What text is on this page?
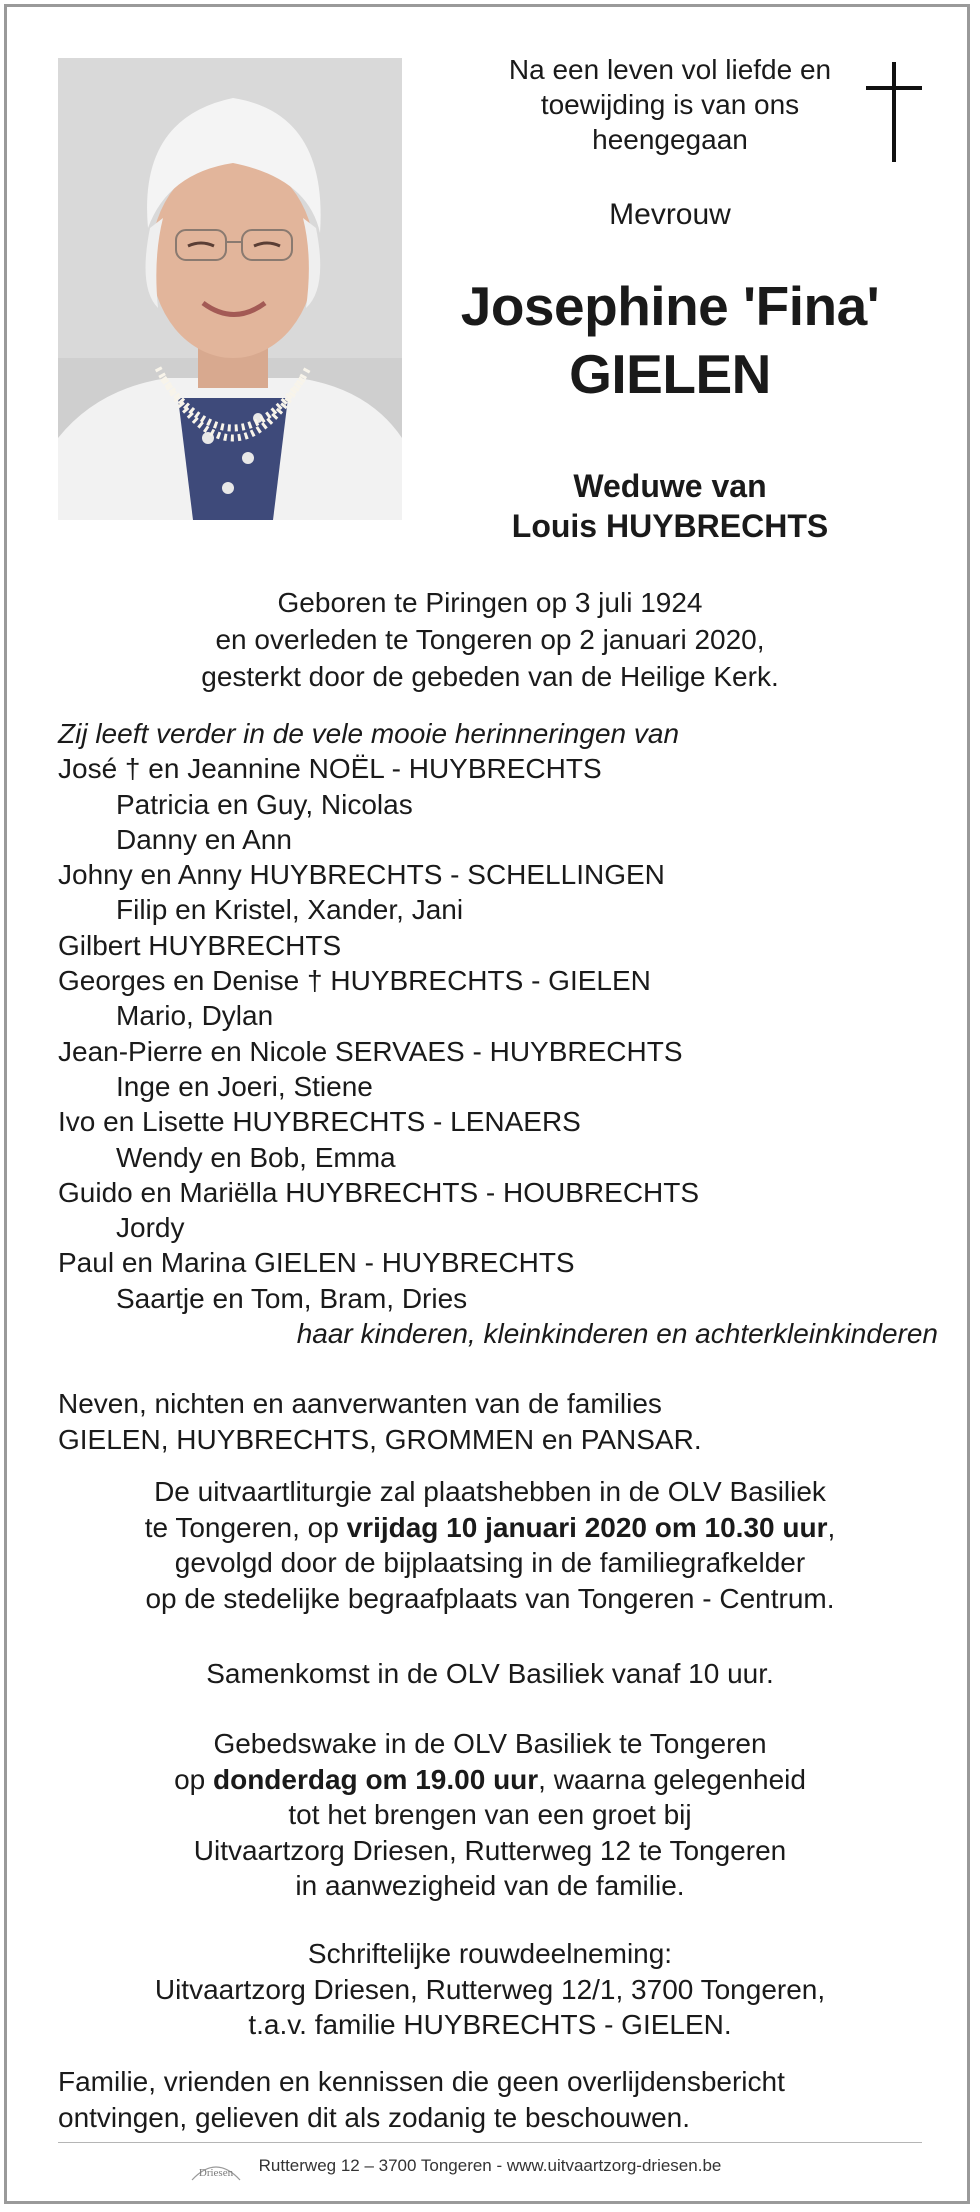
Na een leven vol liefde en
toewijding is van ons
heengegaan
Mevrouw
Josephine 'Fina'
GIELEN
Weduwe van
Louis HUYBRECHTS
Geboren te Piringen op 3 juli 1924
en overleden te Tongeren op 2 januari 2020,
gesterkt door de gebeden van de Heilige Kerk.
Zij leeft verder in de vele mooie herinneringen van
José † en Jeannine NOËL - HUYBRECHTS
Patricia en Guy, Nicolas
Danny en Ann
Johny en Anny HUYBRECHTS - SCHELLINGEN
Filip en Kristel, Xander, Jani
Gilbert HUYBRECHTS
Georges en Denise † HUYBRECHTS - GIELEN
Mario, Dylan
Jean-Pierre en Nicole SERVAES - HUYBRECHTS
Inge en Joeri, Stiene
Ivo en Lisette HUYBRECHTS - LENAERS
Wendy en Bob, Emma
Guido en Mariëlla HUYBRECHTS - HOUBRECHTS
Jordy
Paul en Marina GIELEN - HUYBRECHTS
Saartje en Tom, Bram, Dries
haar kinderen, kleinkinderen en achterkleinkinderen
Neven, nichten en aanverwanten van de families
GIELEN, HUYBRECHTS, GROMMEN en PANSAR.
De uitvaartliturgie zal plaatshebben in de OLV Basiliek
te Tongeren, op vrijdag 10 januari 2020 om 10.30 uur,
gevolgd door de bijplaatsing in de familiegrafkelder
op de stedelijke begraafplaats van Tongeren - Centrum.
Samenkomst in de OLV Basiliek vanaf 10 uur.
Gebedswake in de OLV Basiliek te Tongeren
op donderdag om 19.00 uur, waarna gelegenheid
tot het brengen van een groet bij
Uitvaartzorg Driesen, Rutterweg 12 te Tongeren
in aanwezigheid van de familie.
Schriftelijke rouwdeelneming:
Uitvaartzorg Driesen, Rutterweg 12/1, 3700 Tongeren,
t.a.v. familie HUYBRECHTS - GIELEN.
Familie, vrienden en kennissen die geen overlijdensbericht
ontvingen, gelieven dit als zodanig te beschouwen.
Driesen	Rutterweg 12 – 3700 Tongeren - www.uitvaartzorg-driesen.be
